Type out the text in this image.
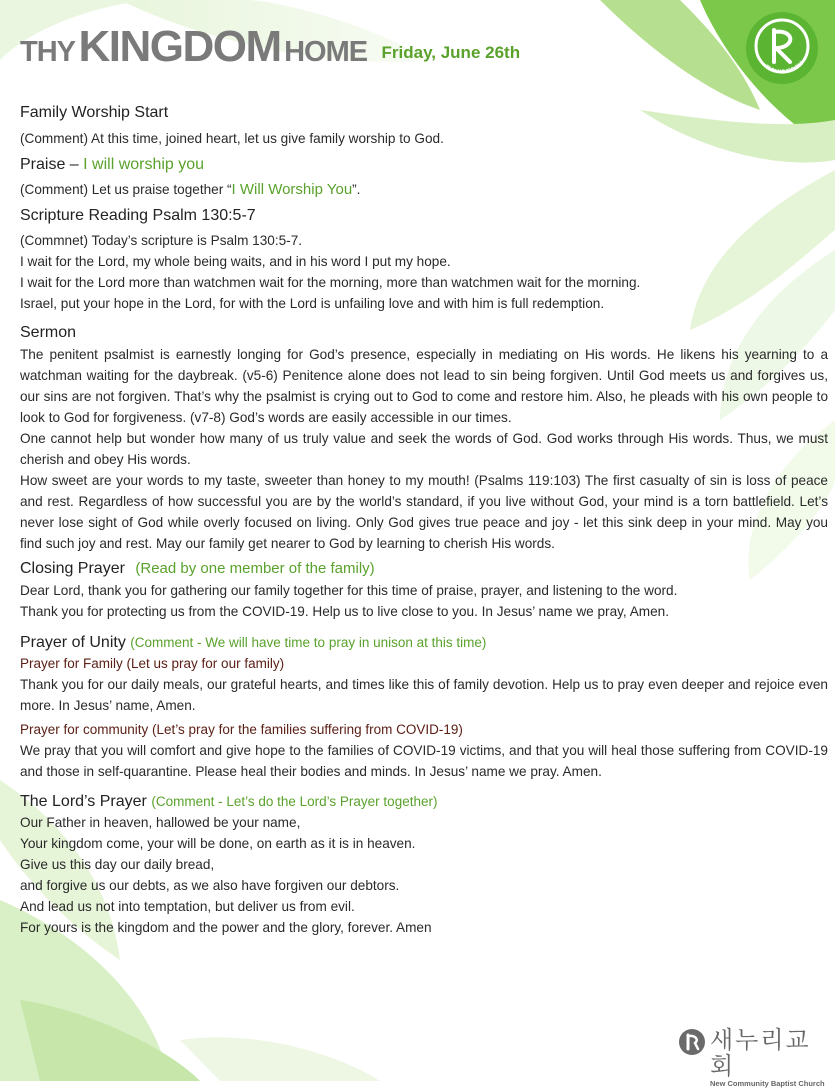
THY KINGDOM HOME Friday, June 26th
THY KINGDOM

Family Worship Start

(Comment) At this time, joined heart, let us give family worship to God.

Praise – I will worship you

(Comment) Let us praise together “I Will Worship You”.

Scripture Reading Psalm 130:5-7

(Commnet) Today’s scripture is Psalm 130:5-7.

I wait for the Lord, my whole being waits, and in his word I put my hope.

I wait for the Lord more than watchmen wait for the morning, more than watchmen wait for the morning.

Israel, put your hope in the Lord, for with the Lord is unfailing love and with him is full redemption.

Sermon

The penitent psalmist is earnestly longing for God’s presence, especially in mediating on His words. He likens his yearning to a watchman waiting for the daybreak. (v5-6) Penitence alone does not lead to sin being forgiven. Until God meets us and forgives us, our sins are not forgiven. That’s why the psalmist is crying out to God to come and restore him. Also, he pleads with his own people to look to God for forgiveness. (v7-8) God’s words are easily accessible in our times.

One cannot help but wonder how many of us truly value and seek the words of God. God works through His words. Thus, we must cherish and obey His words.

How sweet are your words to my taste, sweeter than honey to my mouth! (Psalms 119:103) The first casualty of sin is loss of peace and rest. Regardless of how successful you are by the world’s standard, if you live without God, your mind is a torn battlefield. Let’s never lose sight of God while overly focused on living. Only God gives true peace and joy - let this sink deep in your mind. May you find such joy and rest. May our family get nearer to God by learning to cherish His words.

Closing Prayer (Read by one member of the family)

Dear Lord, thank you for gathering our family together for this time of praise, prayer, and listening to the word.

Thank you for protecting us from the COVID-19. Help us to live close to you. In Jesus’ name we pray, Amen.

Prayer of Unity (Comment - We will have time to pray in unison at this time)

Prayer for Family (Let us pray for our family)

Thank you for our daily meals, our grateful hearts, and times like this of family devotion. Help us to pray even deeper and rejoice even more. In Jesus’ name, Amen.

Prayer for community (Let’s pray for the families suffering from COVID-19)

We pray that you will comfort and give hope to the families of COVID-19 victims, and that you will heal those suffering from COVID-19 and those in self-quarantine. Please heal their bodies and minds. In Jesus’ name we pray. Amen.

The Lord’s Prayer (Comment - Let’s do the Lord’s Prayer together)

Our Father in heaven, hallowed be your name,

Your kingdom come, your will be done, on earth as it is in heaven.

Give us this day our daily bread,

and forgive us our debts, as we also have forgiven our debtors.

And lead us not into temptation, but deliver us from evil.

For yours is the kingdom and the power and the glory, forever. Amen

새누리교회
New Community Baptist Church
